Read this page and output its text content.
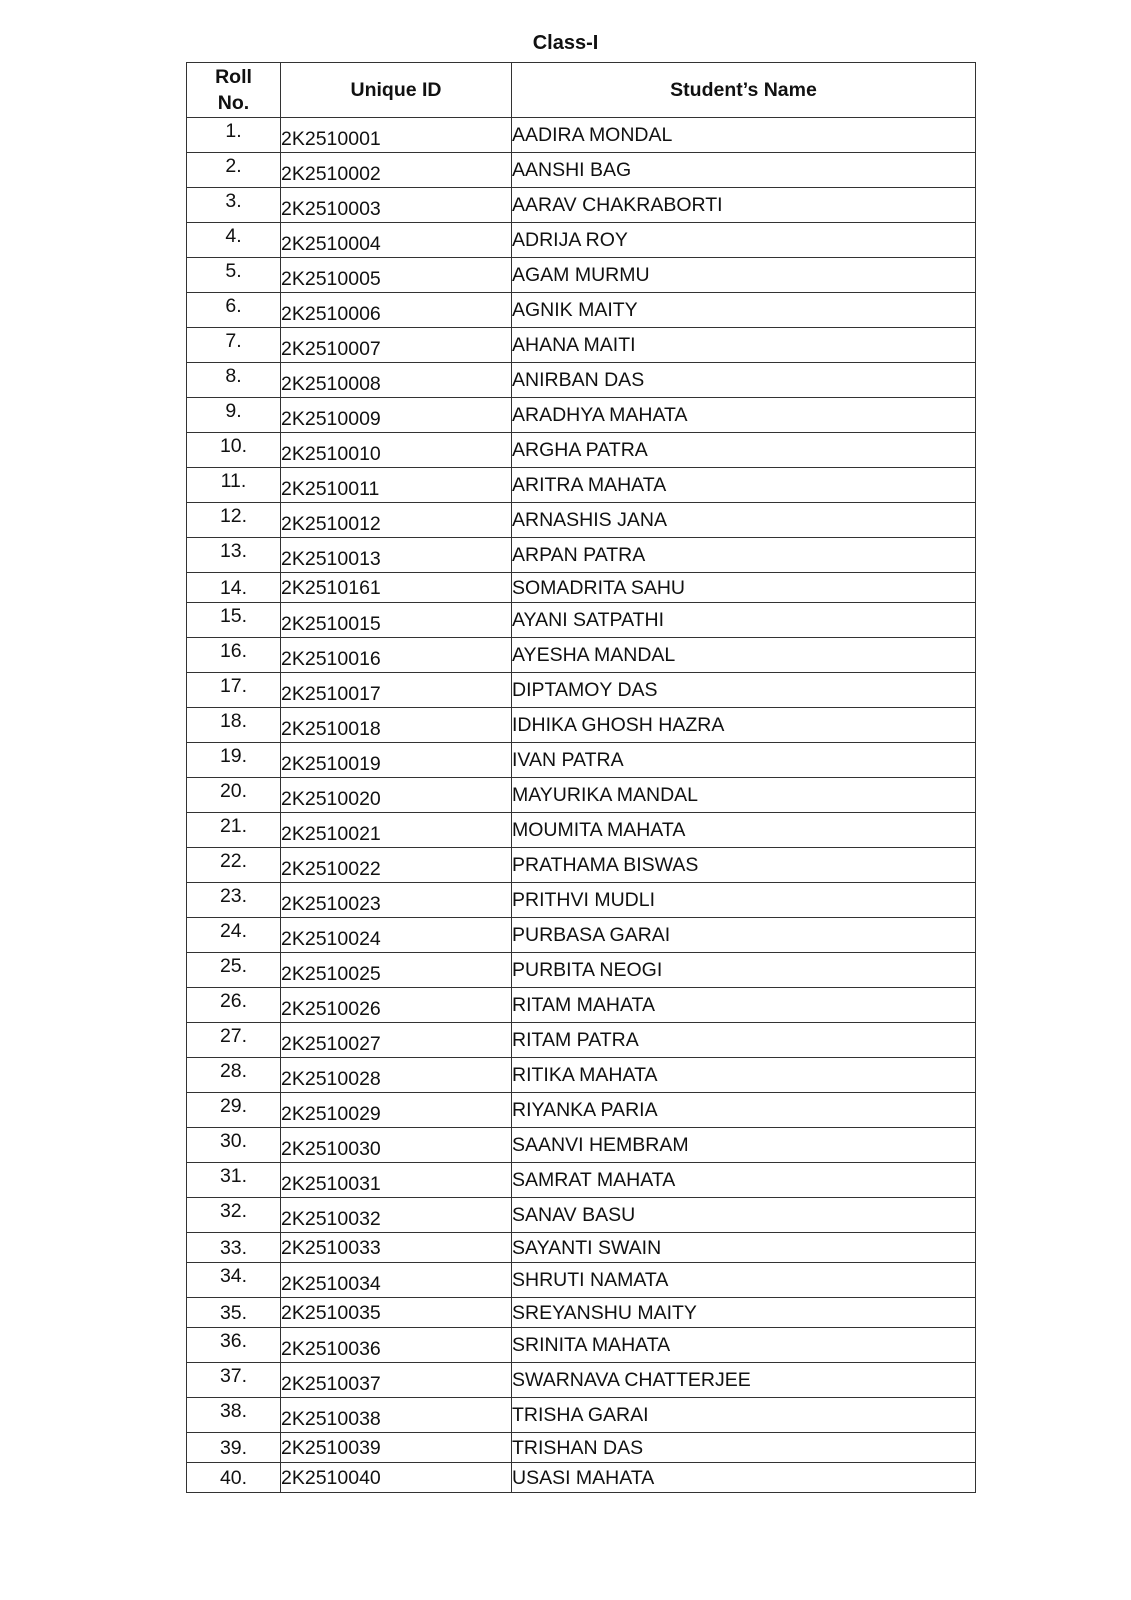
Class-I
Roll
No.	Unique ID	Student’s Name
1.	2K2510001	AADIRA MONDAL
2.	2K2510002	AANSHI BAG
3.	2K2510003	AARAV CHAKRABORTI
4.	2K2510004	ADRIJA ROY
5.	2K2510005	AGAM MURMU
6.	2K2510006	AGNIK MAITY
7.	2K2510007	AHANA MAITI
8.	2K2510008	ANIRBAN DAS
9.	2K2510009	ARADHYA MAHATA
10.	2K2510010	ARGHA PATRA
11.	2K2510011	ARITRA MAHATA
12.	2K2510012	ARNASHIS JANA
13.	2K2510013	ARPAN PATRA
14.	2K2510161	SOMADRITA SAHU
15.	2K2510015	AYANI SATPATHI
16.	2K2510016	AYESHA MANDAL
17.	2K2510017	DIPTAMOY DAS
18.	2K2510018	IDHIKA GHOSH HAZRA
19.	2K2510019	IVAN PATRA
20.	2K2510020	MAYURIKA MANDAL
21.	2K2510021	MOUMITA MAHATA
22.	2K2510022	PRATHAMA BISWAS
23.	2K2510023	PRITHVI MUDLI
24.	2K2510024	PURBASA GARAI
25.	2K2510025	PURBITA NEOGI
26.	2K2510026	RITAM MAHATA
27.	2K2510027	RITAM PATRA
28.	2K2510028	RITIKA MAHATA
29.	2K2510029	RIYANKA PARIA
30.	2K2510030	SAANVI HEMBRAM
31.	2K2510031	SAMRAT MAHATA
32.	2K2510032	SANAV BASU
33.	2K2510033	SAYANTI SWAIN
34.	2K2510034	SHRUTI NAMATA
35.	2K2510035	SREYANSHU MAITY
36.	2K2510036	SRINITA MAHATA
37.	2K2510037	SWARNAVA CHATTERJEE
38.	2K2510038	TRISHA GARAI
39.	2K2510039	TRISHAN DAS
40.	2K2510040	USASI MAHATA
